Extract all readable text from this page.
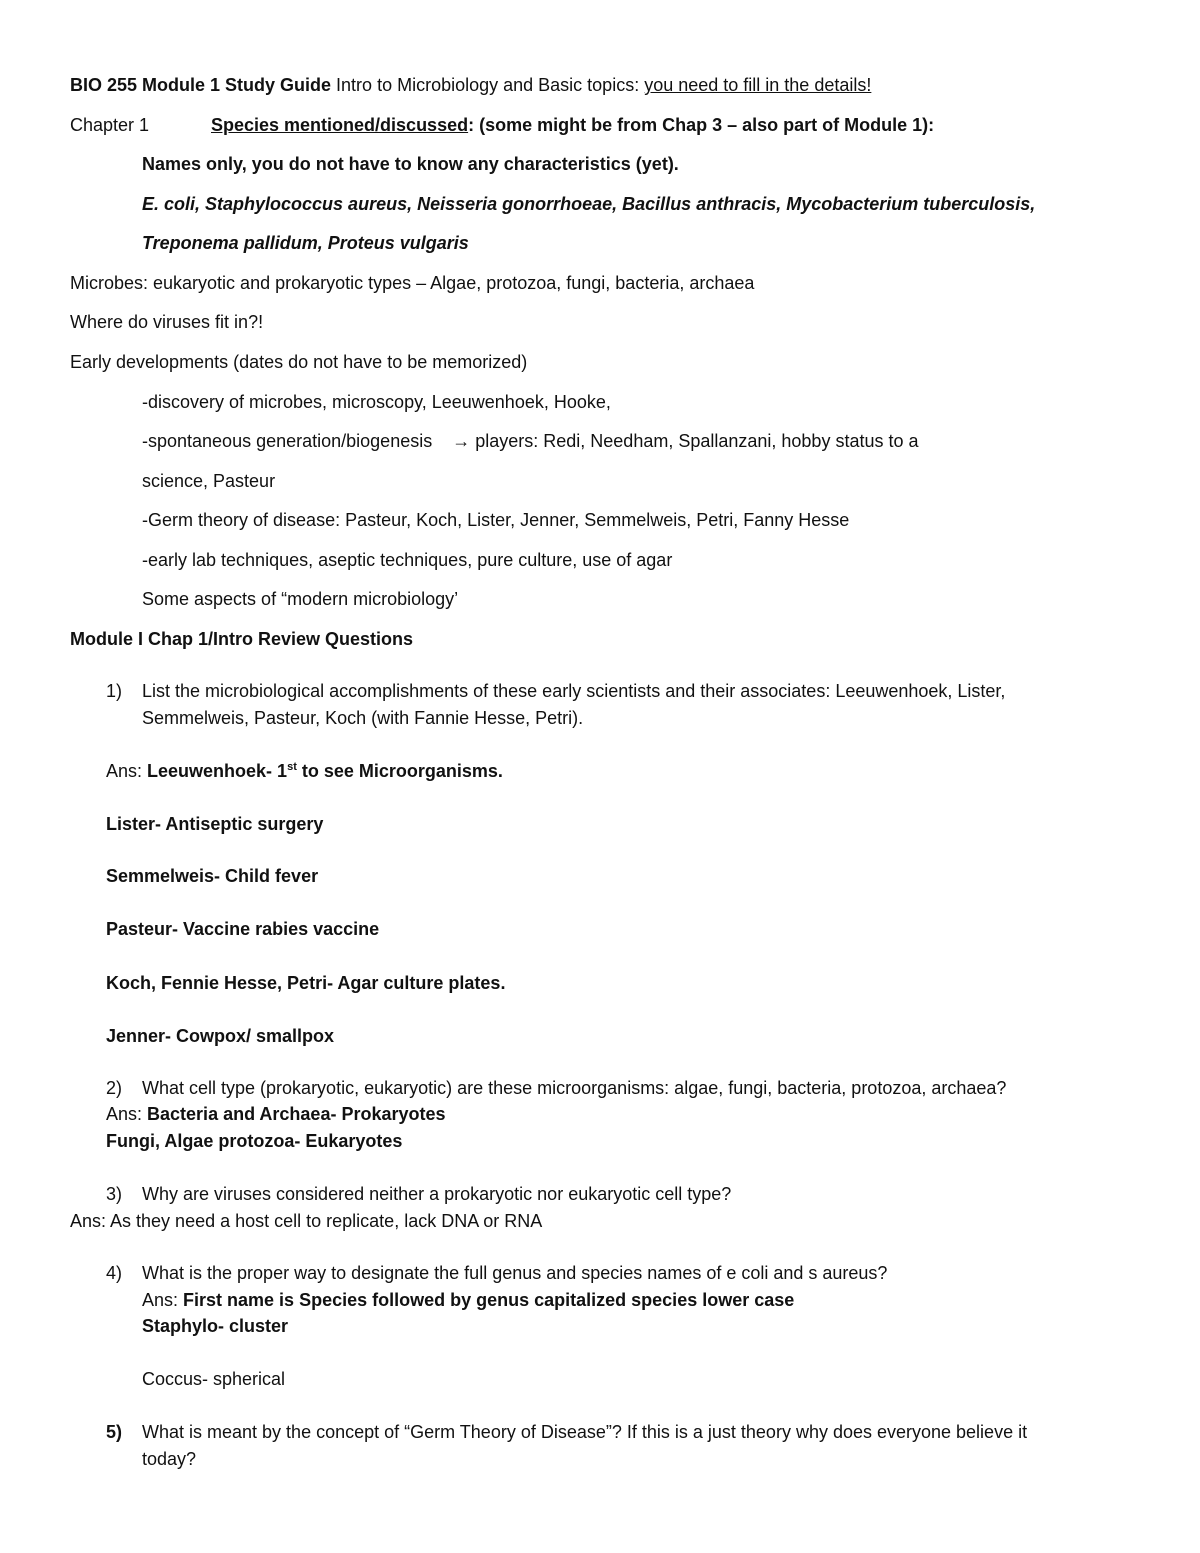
BIO 255 Module 1 Study Guide Intro to Microbiology and Basic topics: you need to fill in the details!
Chapter 1	Species mentioned/discussed: (some might be from Chap 3 – also part of Module 1):
Names only, you do not have to know any characteristics (yet).
E. coli, Staphylococcus aureus, Neisseria gonorrhoeae, Bacillus anthracis, Mycobacterium tuberculosis,
Treponema pallidum, Proteus vulgaris
Microbes: eukaryotic and prokaryotic types – Algae, protozoa, fungi, bacteria, archaea
Where do viruses fit in?!
Early developments (dates do not have to be memorized)
-discovery of microbes, microscopy, Leeuwenhoek, Hooke,
-spontaneous generation/biogenesis → players: Redi, Needham, Spallanzani, hobby status to a
science, Pasteur
-Germ theory of disease: Pasteur, Koch, Lister, Jenner, Semmelweis, Petri, Fanny Hesse
-early lab techniques, aseptic techniques, pure culture, use of agar
Some aspects of “modern microbiology’
Module I Chap 1/Intro Review Questions
1) List the microbiological accomplishments of these early scientists and their associates: Leeuwenhoek, Lister,
Semmelweis, Pasteur, Koch (with Fannie Hesse, Petri).
Ans: Leeuwenhoek- 1st to see Microorganisms.
Lister- Antiseptic surgery
Semmelweis- Child fever
Pasteur- Vaccine rabies vaccine
Koch, Fennie Hesse, Petri- Agar culture plates.
Jenner- Cowpox/ smallpox
2) What cell type (prokaryotic, eukaryotic) are these microorganisms: algae, fungi, bacteria, protozoa, archaea?
Ans: Bacteria and Archaea- Prokaryotes
Fungi, Algae protozoa- Eukaryotes
3) Why are viruses considered neither a prokaryotic nor eukaryotic cell type?
Ans: As they need a host cell to replicate, lack DNA or RNA
4) What is the proper way to designate the full genus and species names of e coli and s aureus?
Ans: First name is Species followed by genus capitalized species lower case
Staphylo- cluster
Coccus- spherical
5) What is meant by the concept of “Germ Theory of Disease”? If this is a just theory why does everyone believe it
today?
